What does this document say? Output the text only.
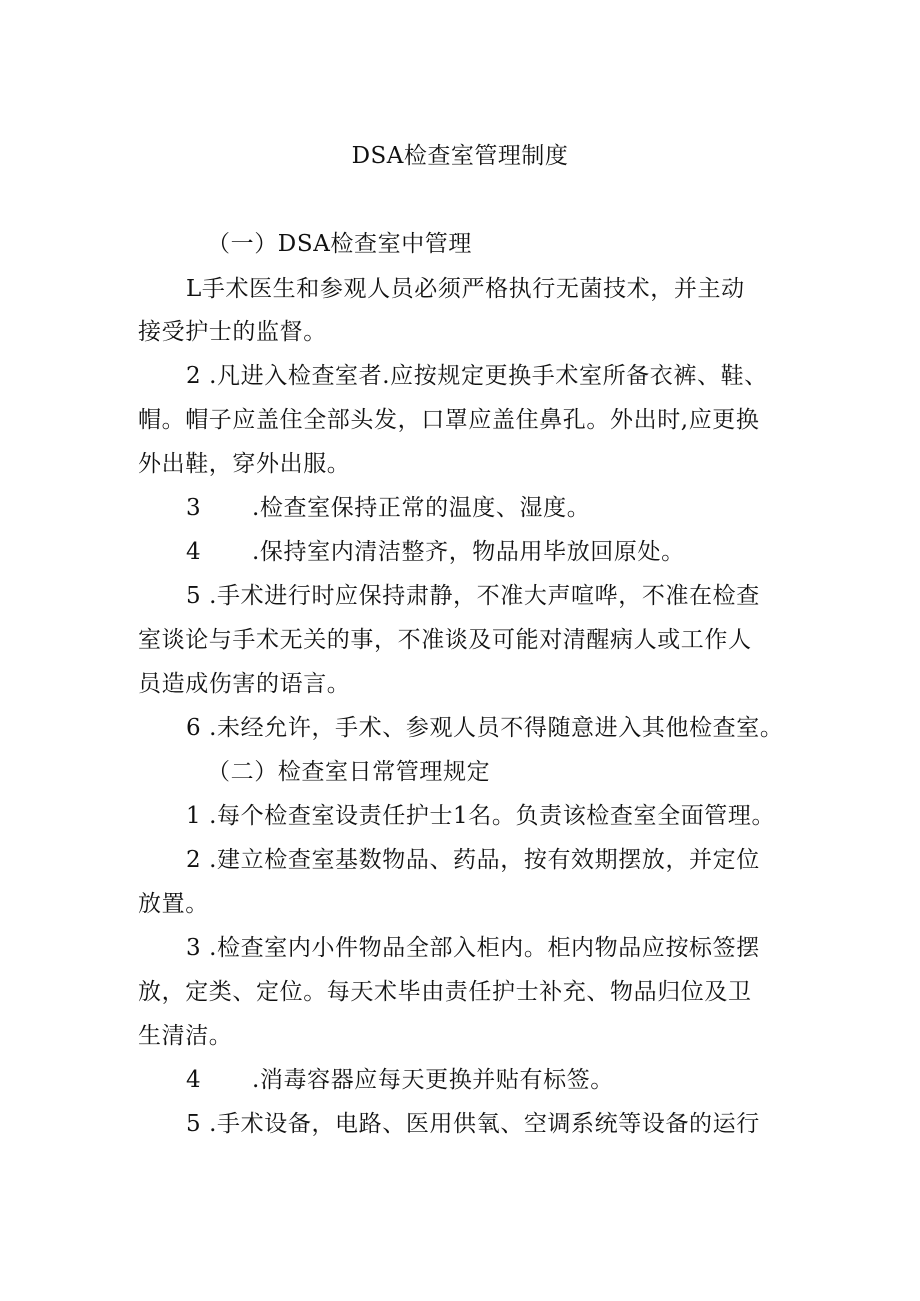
DSA检查室管理制度
（一）DSA检查室中管理
L手术医生和参观人员必须严格执行无菌技术，并主动
接受护士的监督。
2 .凡进入检查室者.应按规定更换手术室所备衣裤、鞋、
帽。帽子应盖住全部头发，口罩应盖住鼻孔。外出时,应更换
外出鞋，穿外出服。
3 .检查室保持正常的温度、湿度。
4 .保持室内清洁整齐，物品用毕放回原处。
5 .手术进行时应保持肃静，不准大声喧哗，不准在检查
室谈论与手术无关的事，不准谈及可能对清醒病人或工作人
员造成伤害的语言。
6 .未经允许，手术、参观人员不得随意进入其他检查室。
（二）检查室日常管理规定
1 .每个检查室设责任护士1名。负责该检查室全面管理。
2 .建立检查室基数物品、药品，按有效期摆放，并定位
放置。
3 .检查室内小件物品全部入柜内。柜内物品应按标签摆
放，定类、定位。每天术毕由责任护士补充、物品归位及卫
生清洁。
4 .消毒容器应每天更换并贴有标签。
5 .手术设备，电路、医用供氧、空调系统等设备的运行
